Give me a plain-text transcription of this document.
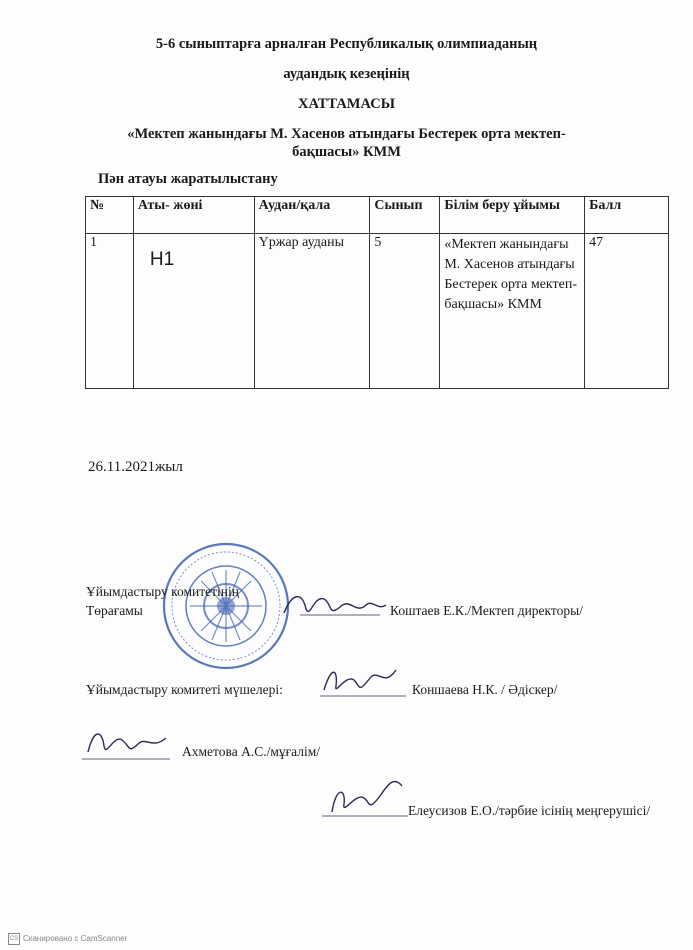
5-6 сыныптарға арналған Республикалық олимпиаданың
аудандық кезеңінің
ХАТТАМАСЫ
«Мектеп жанындағы М. Хасенов атындағы Бестерек орта мектеп-
бақшасы» КММ
Пән атауы жаратылыстану
№	Аты- жөні	Аудан/қала	Сынып	Білім беру ұйымы	Балл
1	Н1	Үржар ауданы	5	«Мектеп жанындағы М. Хасенов атындағы Бестерек орта мектеп- бақшасы» КММ	47
26.11.2021жыл
Ұйымдастыру комитетінің
Төрағамы	Коштаев Е.К./Мектеп директоры/
Ұйымдастыру комитеті мүшелері:	Коншаева Н.К. / Әдіскер/
Ахметова А.С./мұғалім/
Елеусизов Е.О./тәрбие ісінің меңгерушісі/
CS Сканировано с CamScanner
